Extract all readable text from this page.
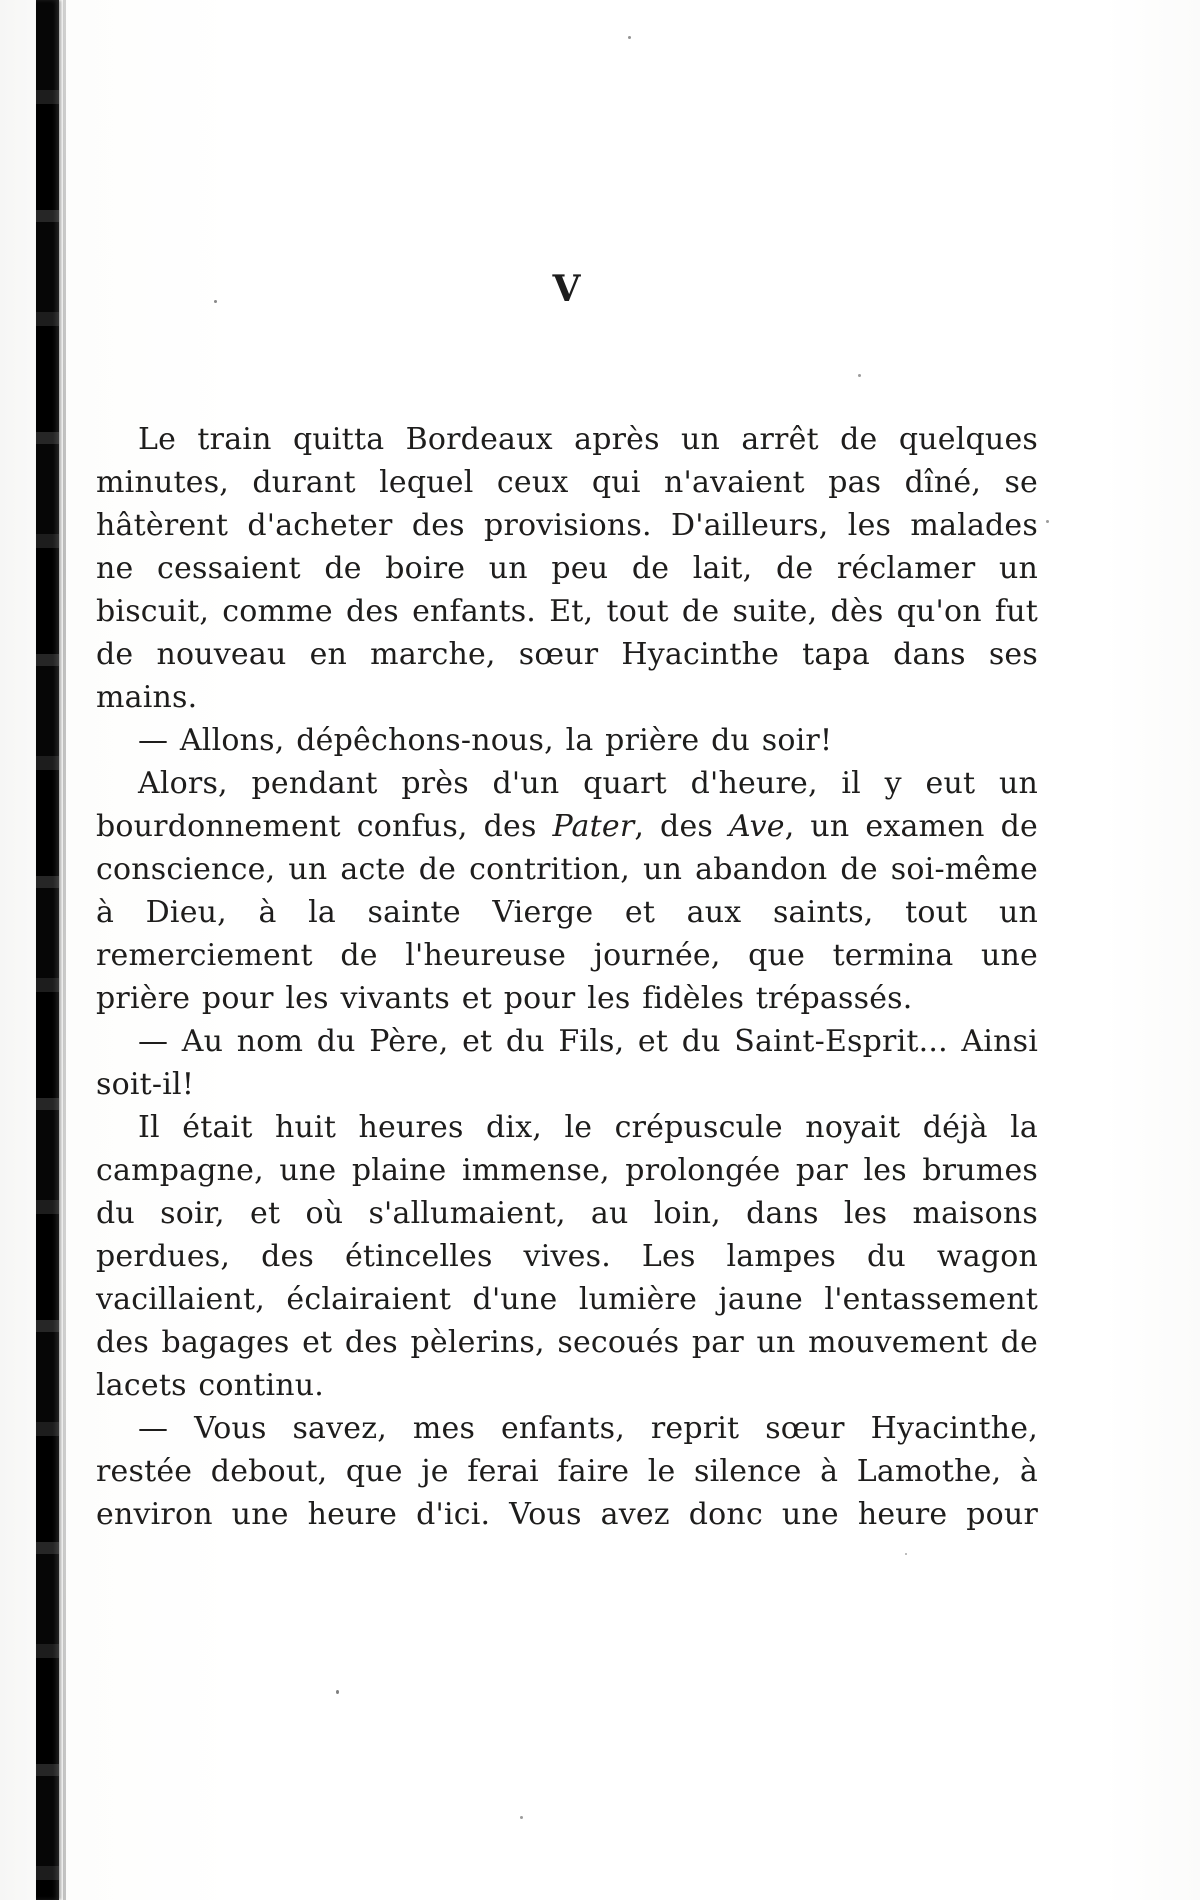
V

Le train quitta Bordeaux après un arrêt de quelques minutes, durant lequel ceux qui n'avaient pas dîné, se hâtèrent d'acheter des provisions. D'ailleurs, les malades ne cessaient de boire un peu de lait, de réclamer un biscuit, comme des enfants. Et, tout de suite, dès qu'on fut de nouveau en marche, sœur Hyacinthe tapa dans ses mains.

— Allons, dépêchons-nous, la prière du soir!

Alors, pendant près d'un quart d'heure, il y eut un bourdonnement confus, des Pater, des Ave, un examen de conscience, un acte de contrition, un abandon de soi-même à Dieu, à la sainte Vierge et aux saints, tout un remerciement de l'heureuse journée, que termina une prière pour les vivants et pour les fidèles trépassés.

— Au nom du Père, et du Fils, et du Saint-Esprit... Ainsi soit-il!

Il était huit heures dix, le crépuscule noyait déjà la campagne, une plaine immense, prolongée par les brumes du soir, et où s'allumaient, au loin, dans les maisons perdues, des étincelles vives. Les lampes du wagon vacillaient, éclairaient d'une lumière jaune l'entassement des bagages et des pèlerins, secoués par un mouvement de lacets continu.

— Vous savez, mes enfants, reprit sœur Hyacinthe, restée debout, que je ferai faire le silence à Lamothe, à environ une heure d'ici. Vous avez donc une heure pour
